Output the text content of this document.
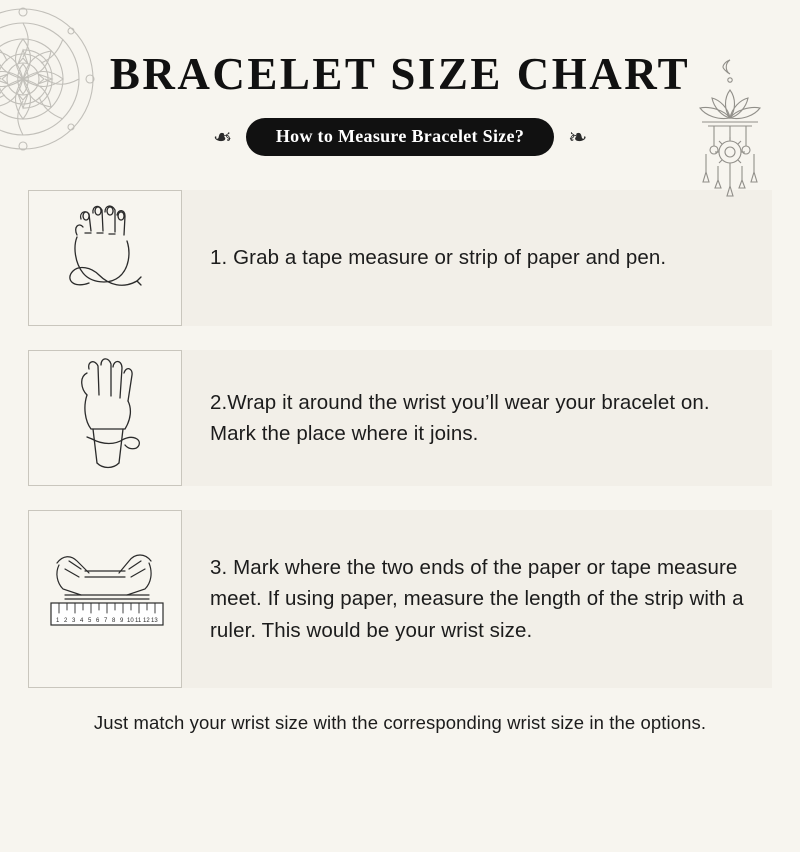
BRACELET SIZE CHART
❧	How to Measure Bracelet Size?	❧
1. Grab a tape measure or strip of paper and pen.
2.Wrap it around the wrist you’ll wear your bracelet on. Mark the place where it joins.
1 2 3 4 5 6 7 8 9 10 11 12 13
3. Mark where the two ends of the paper or tape measure meet. If using paper, measure the length of the strip with a ruler. This would be your wrist size.
Just match your wrist size with the corresponding wrist size in the options.
